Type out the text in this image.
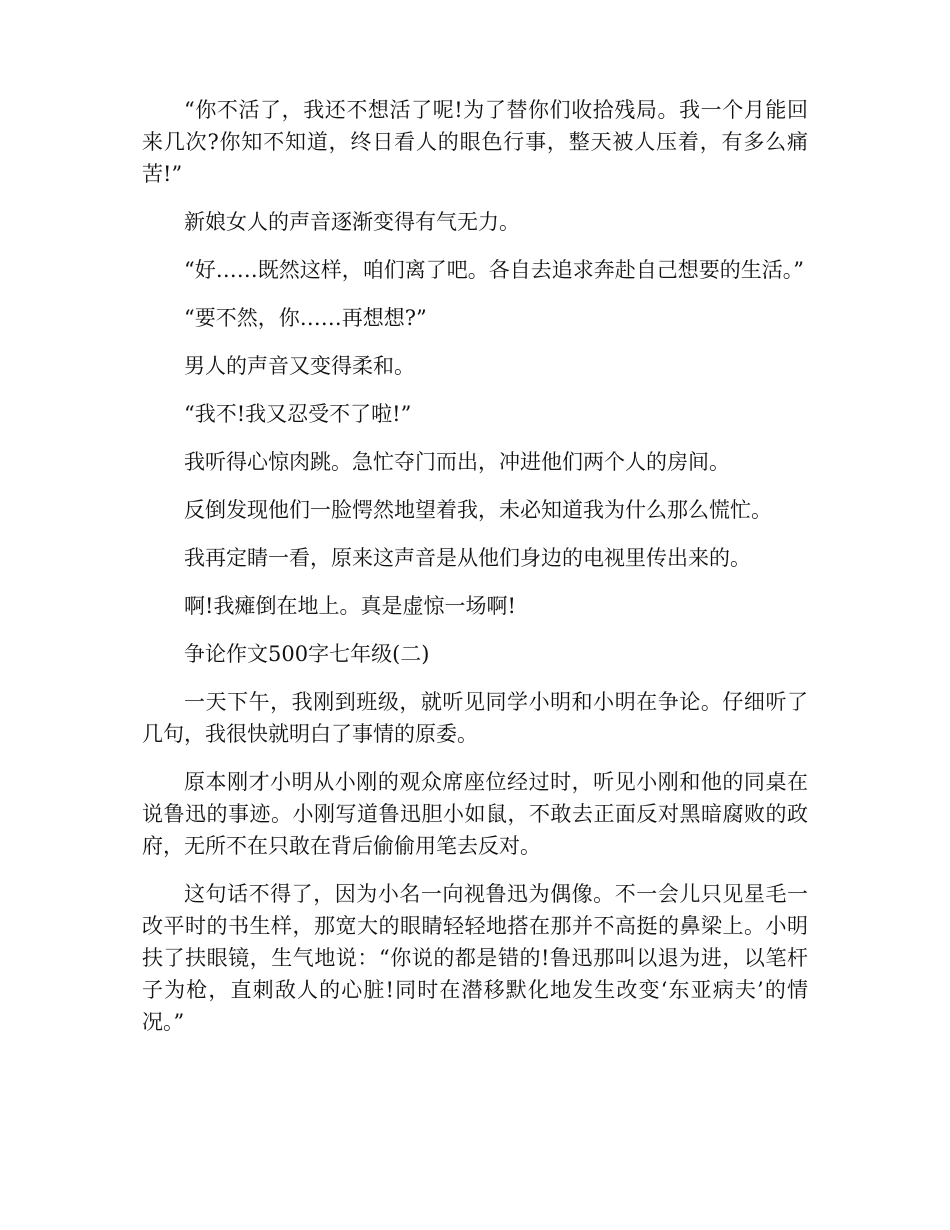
“你不活了，我还不想活了呢!为了替你们收拾残局。我一个月能回来几次?你知不知道，终日看人的眼色行事，整天被人压着，有多么痛苦!”

新娘女人的声音逐渐变得有气无力。

“好……既然这样，咱们离了吧。各自去追求奔赴自己想要的生活。”

“要不然，你……再想想?”

男人的声音又变得柔和。

“我不!我又忍受不了啦!”

我听得心惊肉跳。急忙夺门而出，冲进他们两个人的房间。

反倒发现他们一脸愕然地望着我，未必知道我为什么那么慌忙。

我再定睛一看，原来这声音是从他们身边的电视里传出来的。

啊!我瘫倒在地上。真是虚惊一场啊!

争论作文500字七年级(二)

一天下午，我刚到班级，就听见同学小明和小明在争论。仔细听了几句，我很快就明白了事情的原委。

原本刚才小明从小刚的观众席座位经过时，听见小刚和他的同桌在说鲁迅的事迹。小刚写道鲁迅胆小如鼠，不敢去正面反对黑暗腐败的政府，无所不在只敢在背后偷偷用笔去反对。

这句话不得了，因为小名一向视鲁迅为偶像。不一会儿只见星毛一改平时的书生样，那宽大的眼睛轻轻地搭在那并不高挺的鼻梁上。小明扶了扶眼镜，生气地说：“你说的都是错的!鲁迅那叫以退为进，以笔杆子为枪，直刺敌人的心脏!同时在潜移默化地发生改变‘东亚病夫’的情况。”
